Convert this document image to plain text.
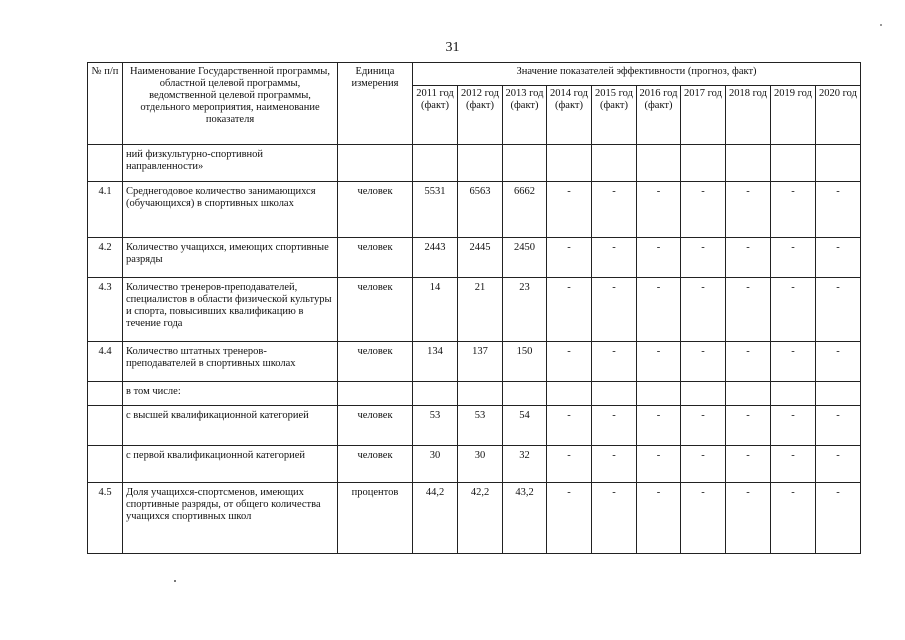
31
№ п/п	Наименование Государственной программы, областной целевой программы, ведомственной целевой программы, отдельного мероприятия, наименование показателя	Единица измерения	Значение показателей эффективности (прогноз, факт)									
			2011 год (факт)	2012 год (факт)	2013 год (факт)	2014 год (факт)	2015 год (факт)	2016 год (факт)	2017 год	2018 год	2019 год	2020 год
	ний физкультурно-спортивной направленности»											
4.1	Среднегодовое количество занимающихся (обучающихся) в спортивных школах	человек	5531	6563	6662	-	-	-	-	-	-	-
4.2	Количество учащихся, имеющих спортивные разряды	человек	2443	2445	2450	-	-	-	-	-	-	-
4.3	Количество тренеров-преподавателей, специалистов в области физической культуры и спорта, повысивших квалификацию в течение года	человек	14	21	23	-	-	-	-	-	-	-
4.4	Количество штатных тренеров-преподавателей в спортивных школах	человек	134	137	150	-	-	-	-	-	-	-
	в том числе:											
	с высшей квалификационной категорией	человек	53	53	54	-	-	-	-	-	-	-
	с первой квалификационной категорией	человек	30	30	32	-	-	-	-	-	-	-
4.5	Доля учащихся-спортсменов, имеющих спортивные разряды, от общего количества учащихся спортивных школ	процентов	44,2	42,2	43,2	-	-	-	-	-	-	-
